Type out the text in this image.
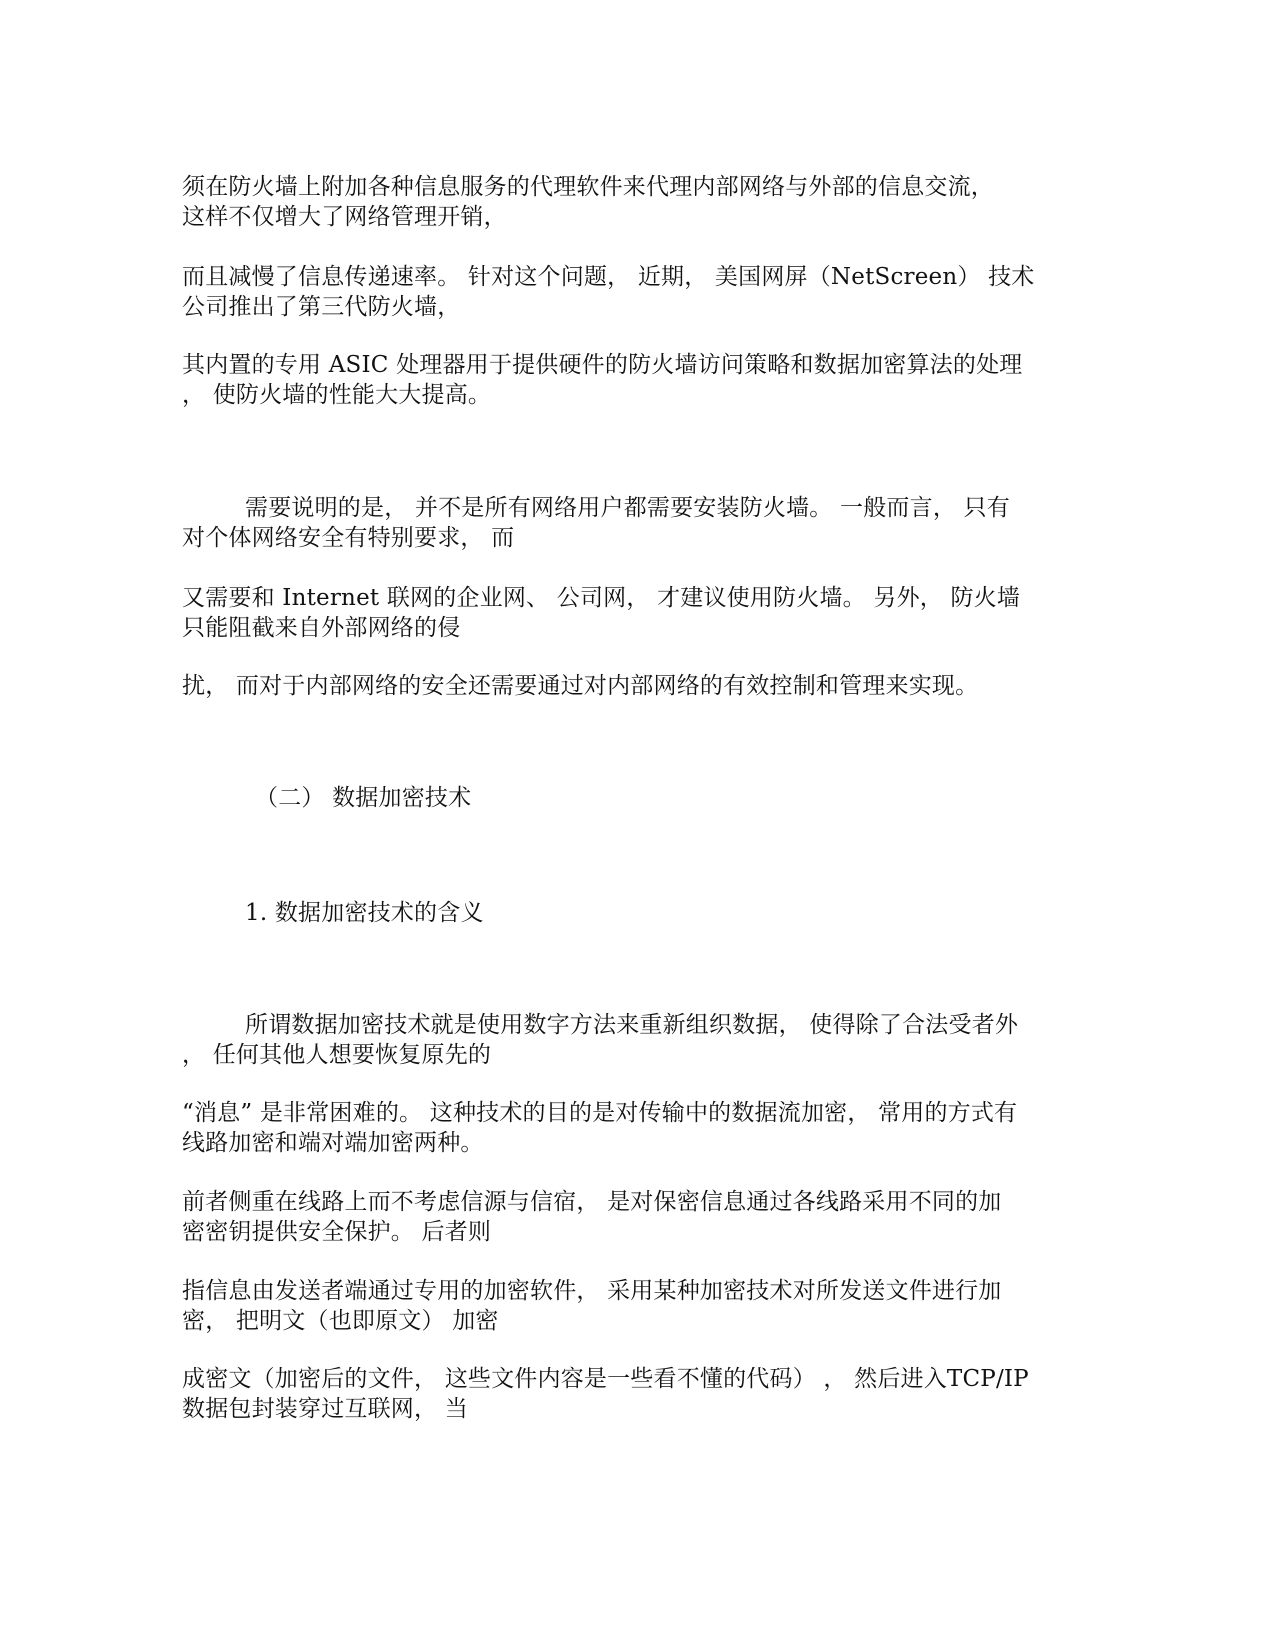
须在防火墙上附加各种信息服务的代理软件来代理内部网络与外部的信息交流，
这样不仅增大了网络管理开销，
而且减慢了信息传递速率。 针对这个问题， 近期， 美国网屏（NetScreen） 技术
公司推出了第三代防火墙，
其内置的专用 ASIC 处理器用于提供硬件的防火墙访问策略和数据加密算法的处理
， 使防火墙的性能大大提高。
需要说明的是， 并不是所有网络用户都需要安装防火墙。 一般而言， 只有
对个体网络安全有特别要求， 而
又需要和 Internet 联网的企业网、 公司网， 才建议使用防火墙。 另外， 防火墙
只能阻截来自外部网络的侵
扰， 而对于内部网络的安全还需要通过对内部网络的有效控制和管理来实现。
（二） 数据加密技术
1. 数据加密技术的含义
所谓数据加密技术就是使用数字方法来重新组织数据， 使得除了合法受者外
， 任何其他人想要恢复原先的
“消息” 是非常困难的。 这种技术的目的是对传输中的数据流加密， 常用的方式有
线路加密和端对端加密两种。
前者侧重在线路上而不考虑信源与信宿， 是对保密信息通过各线路采用不同的加
密密钥提供安全保护。 后者则
指信息由发送者端通过专用的加密软件， 采用某种加密技术对所发送文件进行加
密， 把明文（也即原文） 加密
成密文（加密后的文件， 这些文件内容是一些看不懂的代码） ， 然后进入TCP/IP
数据包封装穿过互联网， 当
